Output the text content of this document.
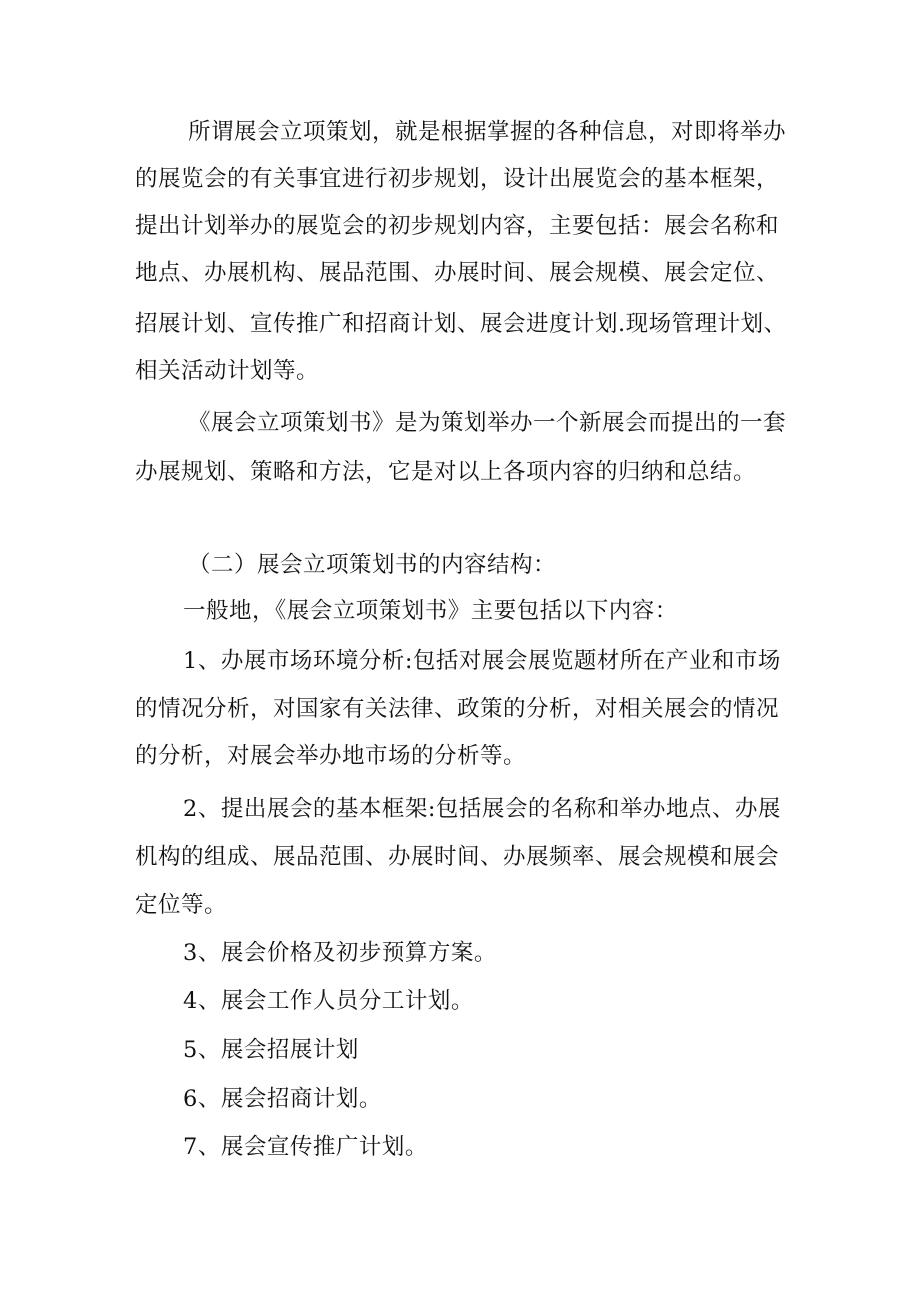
所谓展会立项策划，就是根据掌握的各种信息，对即将举办
的展览会的有关事宜进行初步规划，设计出展览会的基本框架，
提出计划举办的展览会的初步规划内容，主要包括：展会名称和
地点、办展机构、展品范围、办展时间、展会规模、展会定位、
招展计划、宣传推广和招商计划、展会进度计划.现场管理计划、
相关活动计划等。
《展会立项策划书》是为策划举办一个新展会而提出的一套
办展规划、策略和方法，它是对以上各项内容的归纳和总结。
（二）展会立项策划书的内容结构：
一般地，《展会立项策划书》主要包括以下内容：
1、办展市场环境分析:包括对展会展览题材所在产业和市场
的情况分析，对国家有关法律、政策的分析，对相关展会的情况
的分析，对展会举办地市场的分析等。
2、提出展会的基本框架:包括展会的名称和举办地点、办展
机构的组成、展品范围、办展时间、办展频率、展会规模和展会
定位等。
3、展会价格及初步预算方案。
4、展会工作人员分工计划。
5、展会招展计划
6、展会招商计划。
7、展会宣传推广计划。
